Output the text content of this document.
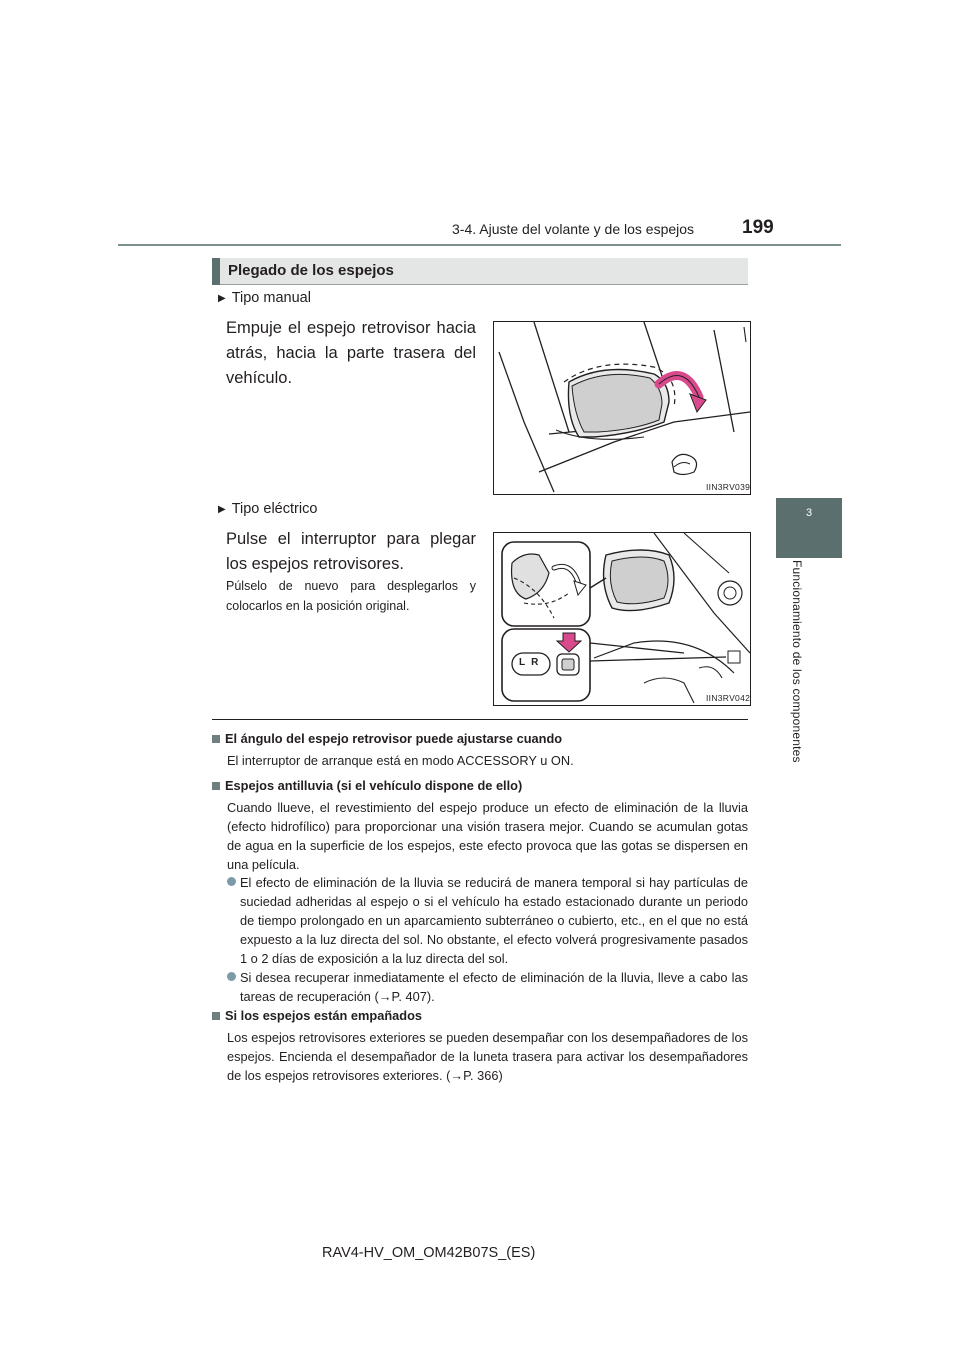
3-4. Ajuste del volante y de los espejos	199
3
Funcionamiento de los componentes
Plegado de los espejos
▶ Tipo manual
Empuje el espejo retrovisor hacia atrás, hacia la parte trasera del vehículo.
IIN3RV039
▶ Tipo eléctrico
Pulse el interruptor para plegar los espejos retrovisores.
Púlselo de nuevo para desplegarlos y colocarlos en la posición original.
LR
IIN3RV042
El ángulo del espejo retrovisor puede ajustarse cuando
El interruptor de arranque está en modo ACCESSORY u ON.
Espejos antilluvia (si el vehículo dispone de ello)
Cuando llueve, el revestimiento del espejo produce un efecto de eliminación de la lluvia (efecto hidrofílico) para proporcionar una visión trasera mejor. Cuando se acumulan gotas de agua en la superficie de los espejos, este efecto provoca que las gotas se dispersen en una película.
El efecto de eliminación de la lluvia se reducirá de manera temporal si hay partículas de suciedad adheridas al espejo o si el vehículo ha estado estacionado durante un periodo de tiempo prolongado en un aparcamiento subterráneo o cubierto, etc., en el que no está expuesto a la luz directa del sol. No obstante, el efecto volverá progresivamente pasados 1 o 2 días de exposición a la luz directa del sol.
Si desea recuperar inmediatamente el efecto de eliminación de la lluvia, lleve a cabo las tareas de recuperación (→P. 407).
Si los espejos están empañados
Los espejos retrovisores exteriores se pueden desempañar con los desempañadores de los espejos. Encienda el desempañador de la luneta trasera para activar los desempañadores de los espejos retrovisores exteriores. (→P. 366)
RAV4-HV_OM_OM42B07S_(ES)
